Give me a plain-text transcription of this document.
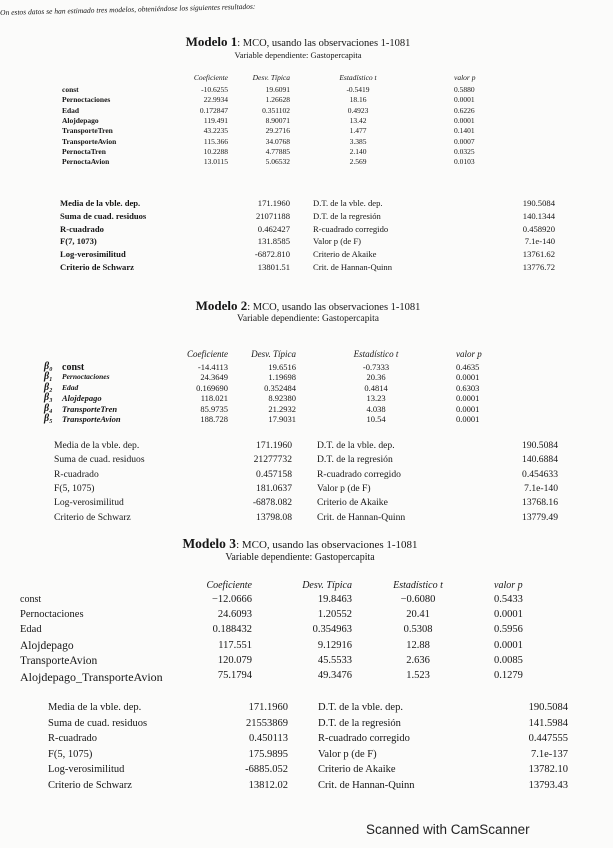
On estos datos se han estimado tres modelos, obteniéndose los siguientes resultados:
Modelo 1: MCO, usando las observaciones 1-1081
Variable dependiente: Gastopercapita
Coeficiente	Desv. Típica	Estadístico t	valor p
const	-10.6255	19.6091	-0.5419	0.5880
Pernoctaciones	22.9934	1.26628	18.16	0.0001
Edad	0.172847	0.351102	0.4923	0.6226
Alojdepago	119.491	8.90071	13.42	0.0001
TransporteTren	43.2235	29.2716	1.477	0.1401
TransporteAvion	115.366	34.0768	3.385	0.0007
PernoctaTren	10.2288	4.77885	2.140	0.0325
PernoctaAvion	13.0115	5.06532	2.569	0.0103
Media de la vble. dep.	171.1960	D.T. de la vble. dep.	190.5084
Suma de cuad. residuos	21071188	D.T. de la regresión	140.1344
R-cuadrado	0.462427	R-cuadrado corregido	0.458920
F(7, 1073)	131.8585	Valor p (de F)	7.1e-140
Log-verosimilitud	-6872.810	Criterio de Akaike	13761.62
Criterio de Schwarz	13801.51	Crit. de Hannan-Quinn	13776.72
Modelo 2: MCO, usando las observaciones 1-1081
Variable dependiente: Gastopercapita
Coeficiente	Desv. Típica	Estadístico t	valor p
β₀ const	-14.4113	19.6516	-0.7333	0.4635
β₁ Pernoctaciones	24.3649	1.19698	20.36	0.0001
β₂ Edad	0.169690	0.352484	0.4814	0.6303
β₃ Alojdepago	118.021	8.92380	13.23	0.0001
β₄ TransporteTren	85.9735	21.2932	4.038	0.0001
β₅ TransporteAvion	188.728	17.9031	10.54	0.0001
Media de la vble. dep.	171.1960	D.T. de la vble. dep.	190.5084
Suma de cuad. residuos	21277732	D.T. de la regresión	140.6884
R-cuadrado	0.457158	R-cuadrado corregido	0.454633
F(5, 1075)	181.0637	Valor p (de F)	7.1e-140
Log-verosimilitud	-6878.082	Criterio de Akaike	13768.16
Criterio de Schwarz	13798.08	Crit. de Hannan-Quinn	13779.49
Modelo 3: MCO, usando las observaciones 1-1081
Variable dependiente: Gastopercapita
Coeficiente	Desv. Típica	Estadístico t	valor p
const	−12.0666	19.8463	−0.6080	0.5433
Pernoctaciones	24.6093	1.20552	20.41	0.0001
Edad	0.188432	0.354963	0.5308	0.5956
Alojdepago	117.551	9.12916	12.88	0.0001
TransporteAvion	120.079	45.5533	2.636	0.0085
Alojdepago_TransporteAvion	75.1794	49.3476	1.523	0.1279
Media de la vble. dep.	171.1960	D.T. de la vble. dep.	190.5084
Suma de cuad. residuos	21553869	D.T. de la regresión	141.5984
R-cuadrado	0.450113	R-cuadrado corregido	0.447555
F(5, 1075)	175.9895	Valor p (de F)	7.1e-137
Log-verosimilitud	-6885.052	Criterio de Akaike	13782.10
Criterio de Schwarz	13812.02	Crit. de Hannan-Quinn	13793.43
Scanned with CamScanner
